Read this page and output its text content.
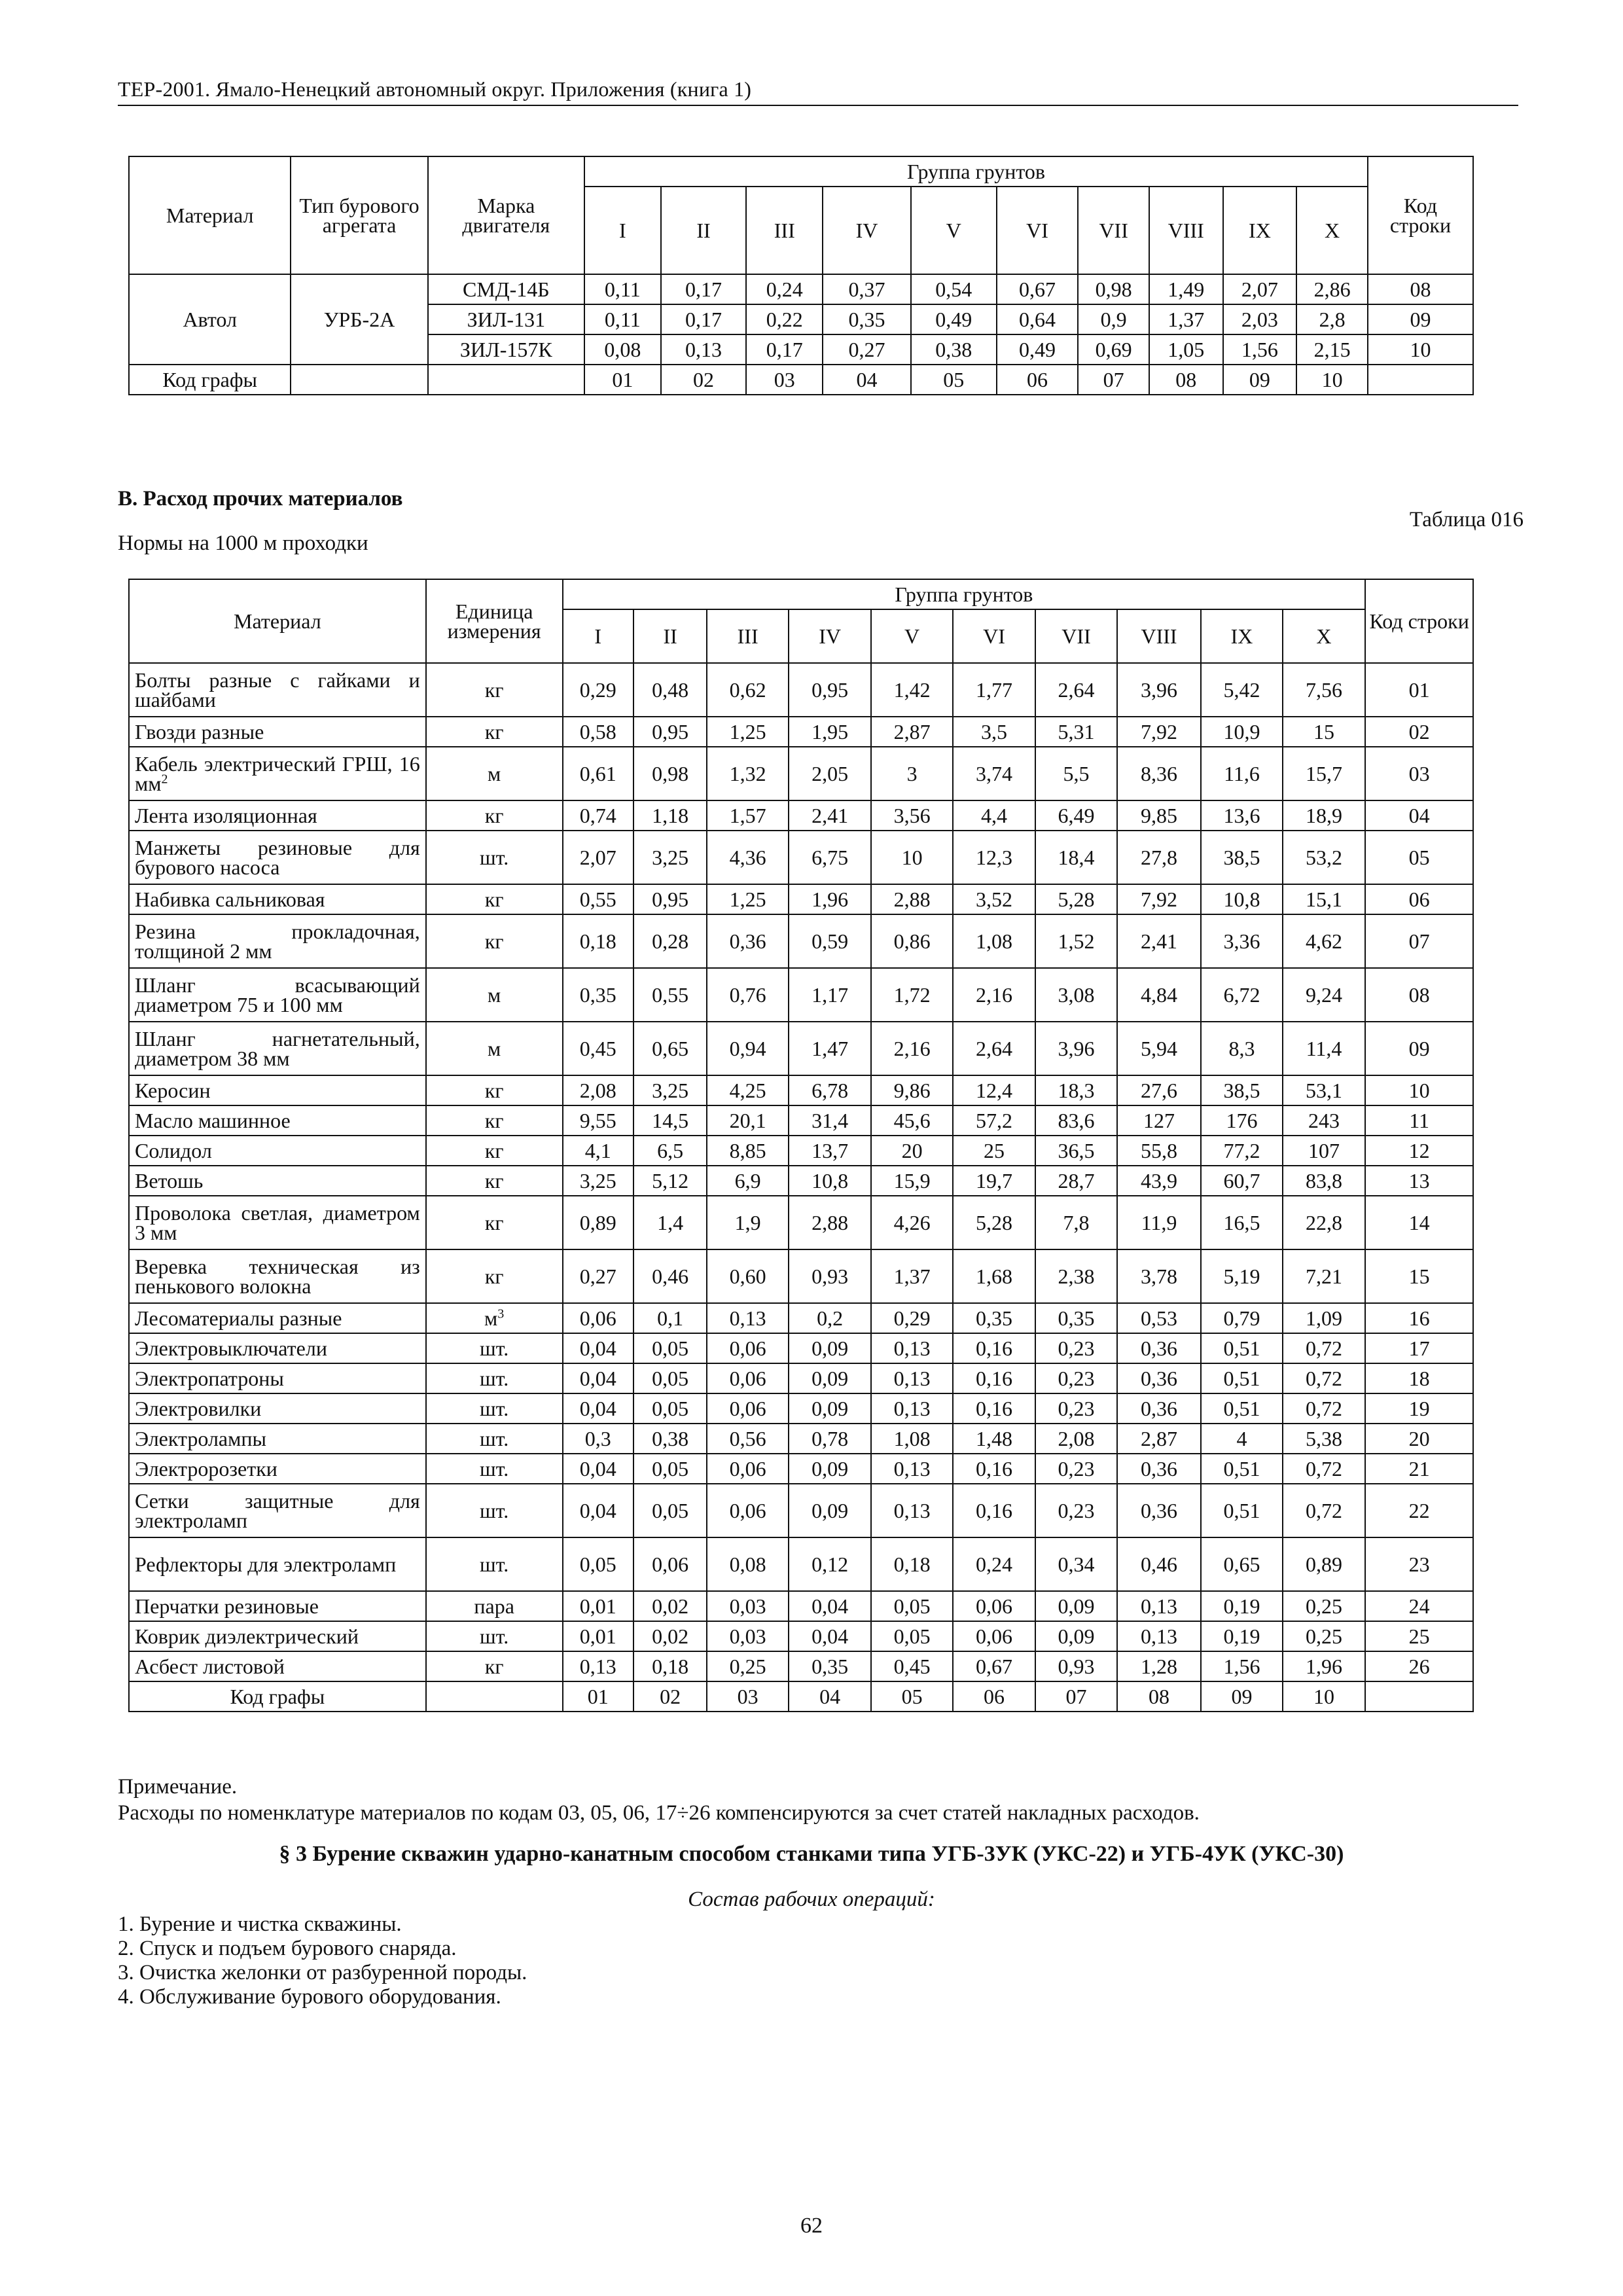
ТЕР-2001. Ямало-Ненецкий автономный округ. Приложения (книга 1)
Материал	Тип бурового агрегата	Марка двигателя	Группа грунтов										Код строки
			I	II	III	IV	V	VI	VII	VIII	IX	X	
Автол	УРБ-2А	СМД-14Б	0,11	0,17	0,24	0,37	0,54	0,67	0,98	1,49	2,07	2,86	08
		ЗИЛ-131	0,11	0,17	0,22	0,35	0,49	0,64	0,9	1,37	2,03	2,8	09
		ЗИЛ-157К	0,08	0,13	0,17	0,27	0,38	0,49	0,69	1,05	1,56	2,15	10
Код графы			01	02	03	04	05	06	07	08	09	10	
В. Расход прочих материалов
Таблица 016
Нормы на 1000 м проходки
Материал	Единица измерения	Группа грунтов										Код строки
		I	II	III	IV	V	VI	VII	VIII	IX	X	
Болты разные с гайками и шайбами	кг	0,29	0,48	0,62	0,95	1,42	1,77	2,64	3,96	5,42	7,56	01
Гвозди разные	кг	0,58	0,95	1,25	1,95	2,87	3,5	5,31	7,92	10,9	15	02
Кабель электрический ГРШ, 16 $мм^2$	м	0,61	0,98	1,32	2,05	3	3,74	5,5	8,36	11,6	15,7	03
Лента изоляционная	кг	0,74	1,18	1,57	2,41	3,56	4,4	6,49	9,85	13,6	18,9	04
Манжеты резиновые для бурового насоса	шт.	2,07	3,25	4,36	6,75	10	12,3	18,4	27,8	38,5	53,2	05
Набивка сальниковая	кг	0,55	0,95	1,25	1,96	2,88	3,52	5,28	7,92	10,8	15,1	06
Резина прокладочная, толщиной 2 мм	кг	0,18	0,28	0,36	0,59	0,86	1,08	1,52	2,41	3,36	4,62	07
Шланг всасывающий диаметром 75 и 100 мм	м	0,35	0,55	0,76	1,17	1,72	2,16	3,08	4,84	6,72	9,24	08
Шланг нагнетательный, диаметром 38 мм	м	0,45	0,65	0,94	1,47	2,16	2,64	3,96	5,94	8,3	11,4	09
Керосин	кг	2,08	3,25	4,25	6,78	9,86	12,4	18,3	27,6	38,5	53,1	10
Масло машинное	кг	9,55	14,5	20,1	31,4	45,6	57,2	83,6	127	176	243	11
Солидол	кг	4,1	6,5	8,85	13,7	20	25	36,5	55,8	77,2	107	12
Ветошь	кг	3,25	5,12	6,9	10,8	15,9	19,7	28,7	43,9	60,7	83,8	13
Проволока светлая, диаметром 3 мм	кг	0,89	1,4	1,9	2,88	4,26	5,28	7,8	11,9	16,5	22,8	14
Веревка техническая из пенькового волокна	кг	0,27	0,46	0,60	0,93	1,37	1,68	2,38	3,78	5,19	7,21	15
Лесоматериалы разные	$м^3$	0,06	0,1	0,13	0,2	0,29	0,35	0,35	0,53	0,79	1,09	16
Электровыключатели	шт.	0,04	0,05	0,06	0,09	0,13	0,16	0,23	0,36	0,51	0,72	17
Электропатроны	шт.	0,04	0,05	0,06	0,09	0,13	0,16	0,23	0,36	0,51	0,72	18
Электровилки	шт.	0,04	0,05	0,06	0,09	0,13	0,16	0,23	0,36	0,51	0,72	19
Электролампы	шт.	0,3	0,38	0,56	0,78	1,08	1,48	2,08	2,87	4	5,38	20
Электророзетки	шт.	0,04	0,05	0,06	0,09	0,13	0,16	0,23	0,36	0,51	0,72	21
Сетки защитные для электроламп	шт.	0,04	0,05	0,06	0,09	0,13	0,16	0,23	0,36	0,51	0,72	22
Рефлекторы для электроламп	шт.	0,05	0,06	0,08	0,12	0,18	0,24	0,34	0,46	0,65	0,89	23
Перчатки резиновые	пара	0,01	0,02	0,03	0,04	0,05	0,06	0,09	0,13	0,19	0,25	24
Коврик диэлектрический	шт.	0,01	0,02	0,03	0,04	0,05	0,06	0,09	0,13	0,19	0,25	25
Асбест листовой	кг	0,13	0,18	0,25	0,35	0,45	0,67	0,93	1,28	1,56	1,96	26
Код графы		01	02	03	04	05	06	07	08	09	10	
Примечание.
Расходы по номенклатуре материалов по кодам 03, 05, 06, 17÷26 компенсируются за счет статей накладных расходов.
§ 3 Бурение скважин ударно-канатным способом станками типа УГБ-3УК (УКС-22) и УГБ-4УК (УКС-30)
Состав рабочих операций:
1. Бурение и чистка скважины.
2. Спуск и подъем бурового снаряда.
3. Очистка желонки от разбуренной породы.
4. Обслуживание бурового оборудования.
62
